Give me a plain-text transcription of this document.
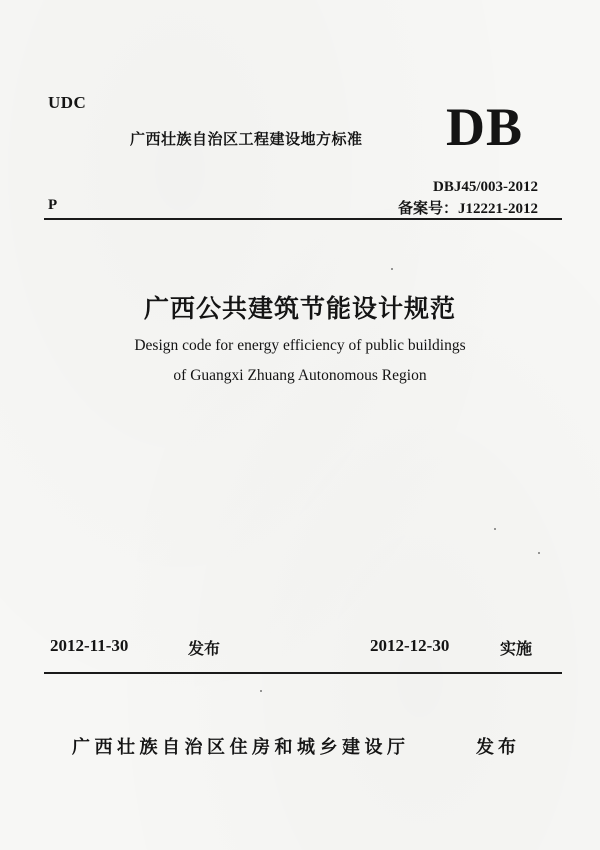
UDC
广西壮族自治区工程建设地方标准 DB
P
DBJ45/003-2012
备案号：J12221-2012
广西公共建筑节能设计规范
Design code for energy efficiency of public buildings
of Guangxi Zhuang Autonomous Region
2012-11-30	发布	2012-12-30	实施
广西壮族自治区住房和城乡建设厅	发布
